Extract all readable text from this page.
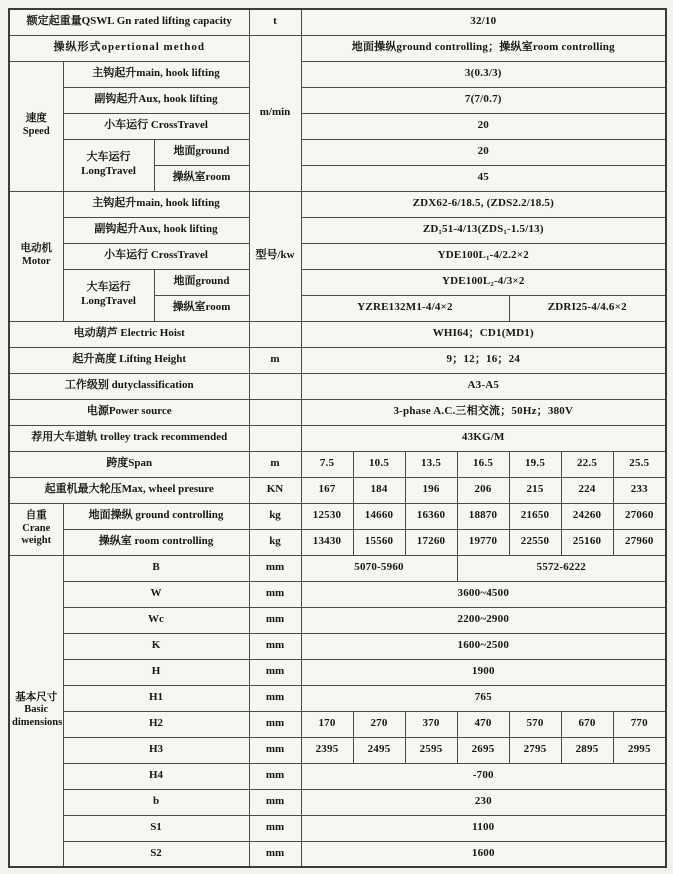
额定起重量QSWL Gn rated lifting capacity			t	32/10						
操纵形式opertional method			m/min	地面操纵ground controlling；操纵室room controlling						
速度 Speed	主钩起升main, hook lifting			3(0.3/3)						
	副钩起升Aux, hook lifting			7(7/0.7)						
	小车运行 CrossTravel			20						
	大车运行 LongTravel	地面ground		20						
		操纵室room		45						
电动机 Motor	主钩起升main, hook lifting		型号/kw	ZDX62-6/18.5, (ZDS2.2/18.5)						
	副钩起升Aux, hook lifting			ZD₁51-4/13(ZDS₁-1.5/13)						
	小车运行 CrossTravel			YDE100L₁-4/2.2×2						
	大车运行 LongTravel	地面ground		YDE100L₂-4/3×2						
		操纵室room		YZRE132M1-4/4×2				ZDRI25-4/4.6×2		
电动葫芦 Electric Hoist				WHI64；CD1(MD1)						
起升高度 Lifting Height			m	9；12；16；24						
工作级别 dutyclassification				A3-A5						
电源Power source				3-phase A.C.三相交流；50Hz；380V						
荐用大车道轨 trolley track recommended				43KG/M						
跨度Span			m	7.5	10.5	13.5	16.5	19.5	22.5	25.5
起重机最大轮压Max, wheel presure			KN	167	184	196	206	215	224	233
自重 Crane weight	地面操纵 ground controlling		kg	12530	14660	16360	18870	21650	24260	27060
	操纵室 room controlling		kg	13430	15560	17260	19770	22550	25160	27960
基本尺寸 Basic dimensions	B		mm	5070-5960			5572-6222			
	W		mm	3600~4500						
	Wc		mm	2200~2900						
	K		mm	1600~2500						
	H		mm	1900						
	H1		mm	765						
	H2		mm	170	270	370	470	570	670	770
	H3		mm	2395	2495	2595	2695	2795	2895	2995
	H4		mm	-700						
	b		mm	230						
	S1		mm	1100						
	S2		mm	1600						
